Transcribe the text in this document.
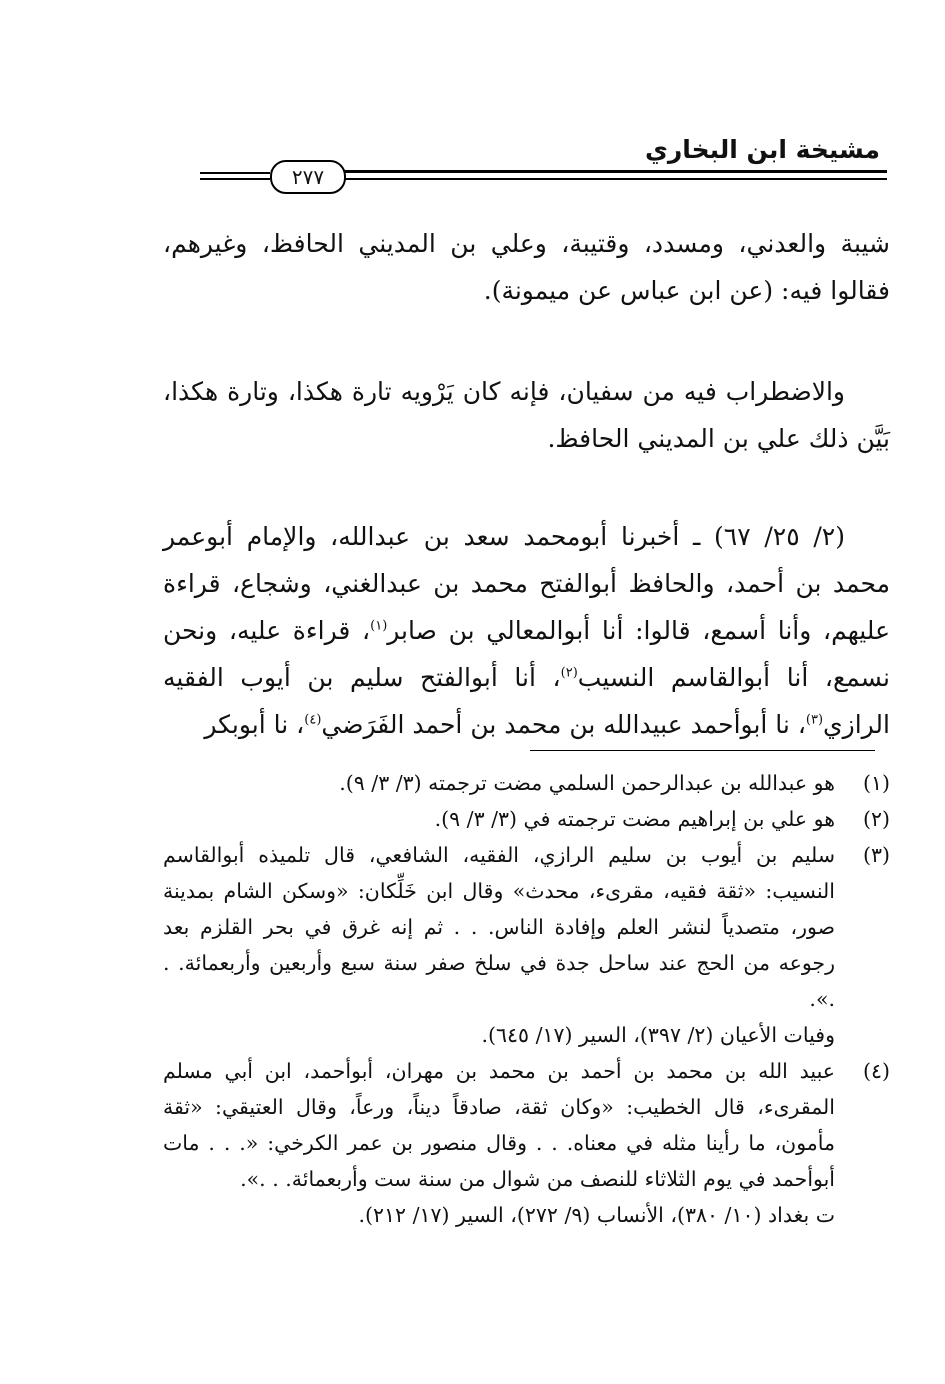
مشيخة ابن البخاري
٢٧٧
شيبة والعدني، ومسدد، وقتيبة، وعلي بن المديني الحافظ، وغيرهم، فقالوا فيه: (عن ابن عباس عن ميمونة).
والاضطراب فيه من سفيان، فإنه كان يَرْويه تارة هكذا، وتارة هكذا، بَيَّن ذلك علي بن المديني الحافظ.
(٢/ ٢٥/ ٦٧) ـ أخبرنا أبومحمد سعد بن عبدالله، والإمام أبوعمر محمد بن أحمد، والحافظ أبوالفتح محمد بن عبدالغني، وشجاع، قراءة عليهم، وأنا أسمع، قالوا: أنا أبوالمعالي بن صابر$^{(١)}$، قراءة عليه، ونحن نسمع، أنا أبوالقاسم النسيب$^{(٢)}$، أنا أبوالفتح سليم بن أيوب الفقيه الرازي$^{(٣)}$، نا أبوأحمد عبيدالله بن محمد بن أحمد الفَرَضي$^{(٤)}$، نا أبوبكر
(١)
هو عبدالله بن عبدالرحمن السلمي مضت ترجمته (٣/ ٣/ ٩).
(٢)
هو علي بن إبراهيم مضت ترجمته في (٣/ ٣/ ٩).
(٣)
سليم بن أيوب بن سليم الرازي، الفقيه، الشافعي، قال تلميذه أبوالقاسم النسيب: «ثقة فقيه، مقرىء، محدث» وقال ابن خَلِّكان: «وسكن الشام بمدينة صور، متصدياً لنشر العلم وإفادة الناس. . . ثم إنه غرق في بحر القلزم بعد رجوعه من الحج عند ساحل جدة في سلخ صفر سنة سبع وأربعين وأربعمائة. . .».
وفيات الأعيان (٢/ ٣٩٧)، السير (١٧/ ٦٤٥).
(٤)
عبيد الله بن محمد بن أحمد بن محمد بن مهران، أبوأحمد، ابن أبي مسلم المقرىء، قال الخطيب: «وكان ثقة، صادقاً ديناً، ورعاً، وقال العتيقي: «ثقة مأمون، ما رأينا مثله في معناه. . . وقال منصور بن عمر الكرخي: «. . . مات أبوأحمد في يوم الثلاثاء للنصف من شوال من سنة ست وأربعمائة. . .».
ت بغداد (١٠/ ٣٨٠)، الأنساب (٩/ ٢٧٢)، السير (١٧/ ٢١٢).
